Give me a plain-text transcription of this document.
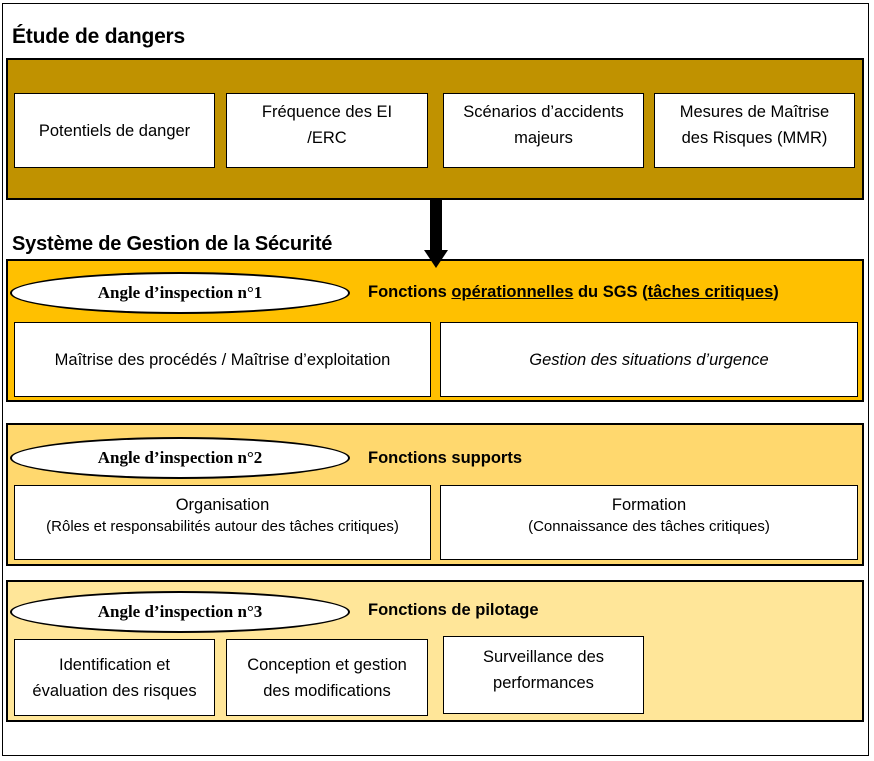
Étude de dangers
Potentiels de danger
Fréquence des EI
/ERC
Scénarios d’accidents
majeurs
Mesures de Maîtrise
des Risques (MMR)
Système de Gestion de la Sécurité
Angle d’inspection n°1	Fonctions opérationnelles du SGS (tâches critiques)
Maîtrise des procédés / Maîtrise d’exploitation	Gestion des situations d’urgence
Angle d’inspection n°2	Fonctions supports
Organisation
(Rôles et responsabilités autour des tâches critiques)
Formation
(Connaissance des tâches critiques)
Angle d’inspection n°3	Fonctions de pilotage
Identification et
évaluation des risques
Conception et gestion
des modifications
Surveillance des
performances
